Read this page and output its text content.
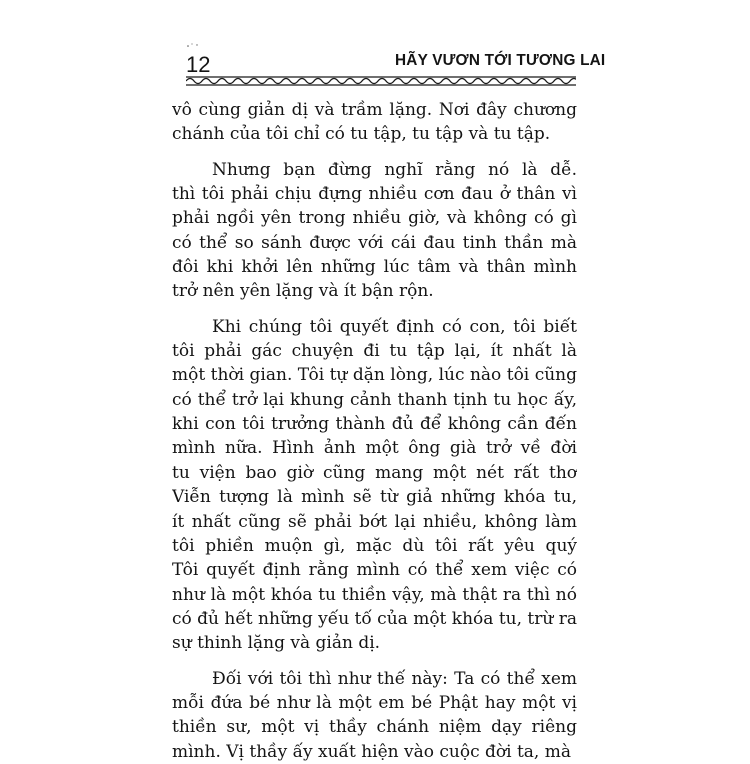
12	HÃY VƯƠN TỚI TƯƠNG LAI
vô cùng giản dị và trầm lặng. Nơi đây chương
chánh của tôi chỉ có tu tập, tu tập và tu tập.
Nhưng bạn đừng nghĩ rằng nó là dễ.
thì tôi phải chịu đựng nhiều cơn đau ở thân vì
phải ngồi yên trong nhiều giờ, và không có gì
có thể so sánh được với cái đau tinh thần mà
đôi khi khởi lên những lúc tâm và thân mình
trở nên yên lặng và ít bận rộn.
Khi chúng tôi quyết định có con, tôi biết
tôi phải gác chuyện đi tu tập lại, ít nhất là
một thời gian. Tôi tự dặn lòng, lúc nào tôi cũng
có thể trở lại khung cảnh thanh tịnh tu học ấy,
khi con tôi trưởng thành đủ để không cần đến
mình nữa. Hình ảnh một ông già trở về đời
tu viện bao giờ cũng mang một nét rất thơ
Viễn tượng là mình sẽ từ giả những khóa tu,
ít nhất cũng sẽ phải bớt lại nhiều, không làm
tôi phiền muộn gì, mặc dù tôi rất yêu quý
Tôi quyết định rằng mình có thể xem việc có
như là một khóa tu thiền vậy, mà thật ra thì nó
có đủ hết những yếu tố của một khóa tu, trừ ra
sự thinh lặng và giản dị.
Đối với tôi thì như thế này: Ta có thể xem
mỗi đứa bé như là một em bé Phật hay một vị
thiền sư, một vị thầy chánh niệm dạy riêng
mình. Vị thầy ấy xuất hiện vào cuộc đời ta, mà
